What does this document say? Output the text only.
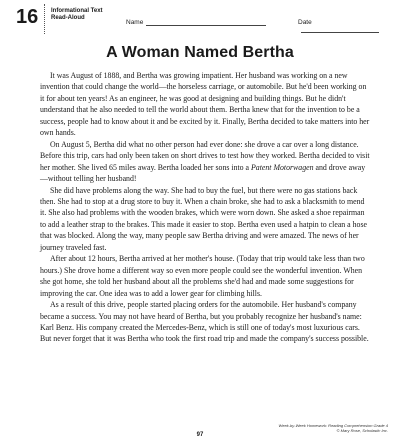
16 Informational Text
Read-Aloud
Name	Date
A Woman Named Bertha

It was August of 1888, and Bertha was growing impatient. Her husband was working on a new invention that could change the world—the horseless carriage, or automobile. But he'd been working on it for about ten years! As an engineer, he was good at designing and building things. But he didn't understand that he also needed to tell the world about them. Bertha knew that for the invention to be a success, people had to know about it and be excited by it. Finally, Bertha decided to take matters into her own hands.

On August 5, Bertha did what no other person had ever done: she drove a car over a long distance. Before this trip, cars had only been taken on short drives to test how they worked. Bertha decided to visit her mother. She lived 65 miles away. Bertha loaded her sons into a Patent Motorwagen and drove away—without telling her husband!

She did have problems along the way. She had to buy the fuel, but there were no gas stations back then. She had to stop at a drug store to buy it. When a chain broke, she had to ask a blacksmith to mend it. She also had problems with the wooden brakes, which were worn down. She asked a shoe repairman to add a leather strap to the brakes. This made it easier to stop. Bertha even used a hatpin to clean a hose that was blocked. Along the way, many people saw Bertha driving and were amazed. The news of her journey traveled fast.

After about 12 hours, Bertha arrived at her mother's house. (Today that trip would take less than two hours.) She drove home a different way so even more people could see the wonderful invention. When she got home, she told her husband about all the problems she'd had and made some suggestions for improving the car. One idea was to add a lower gear for climbing hills.

As a result of this drive, people started placing orders for the automobile. Her husband's company became a success. You may not have heard of Bertha, but you probably recognize her husband's name: Karl Benz. His company created the Mercedes-Benz, which is still one of today's most luxurious cars. But never forget that it was Bertha who took the first road trip and made the company's success possible.

Week-by-Week Homework: Reading Comprehension Grade 4
© Mary Rose, Scholastic Inc.
97
